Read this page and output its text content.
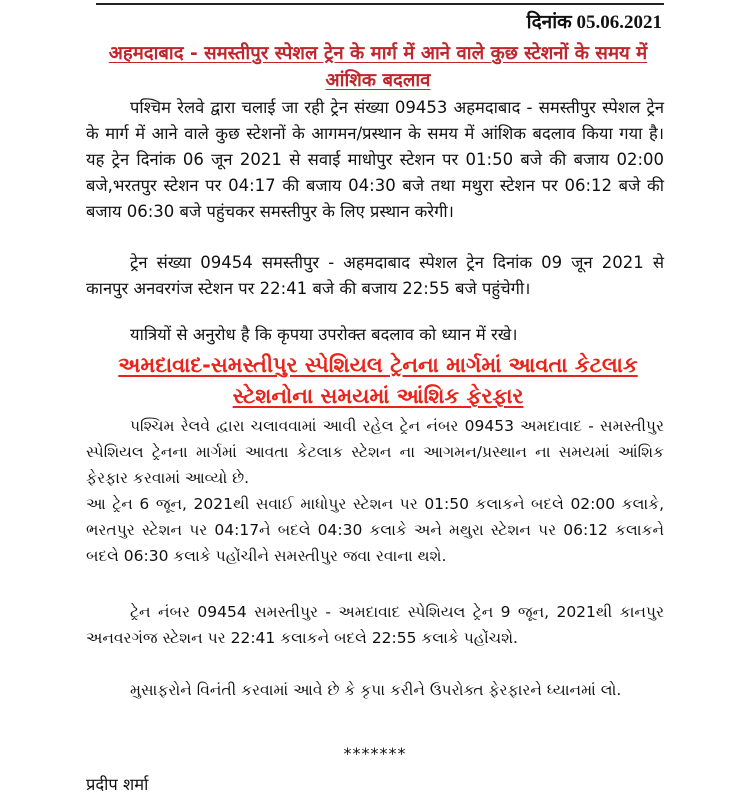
दिनांक 05.06.2021
अहमदाबाद - समस्तीपुर स्पेशल ट्रेन के मार्ग में आने वाले कुछ स्टेशनों के समय में आंशिक बदलाव
पश्चिम रेलवे द्वारा चलाई जा रही ट्रेन संख्या 09453 अहमदाबाद - समस्तीपुर स्पेशल ट्रेन के मार्ग में आने वाले कुछ स्टेशनों के आगमन/प्रस्थान के समय में आंशिक बदलाव किया गया है। यह ट्रेन दिनांक 06 जून 2021 से सवाई माधोपुर स्टेशन पर 01:50 बजे की बजाय 02:00 बजे,भरतपुर स्टेशन पर 04:17 की बजाय 04:30 बजे तथा मथुरा स्टेशन पर 06:12 बजे की बजाय 06:30 बजे पहुंचकर समस्तीपुर के लिए प्रस्थान करेगी।
ट्रेन संख्या 09454 समस्तीपुर - अहमदाबाद स्पेशल ट्रेन दिनांक 09 जून 2021 से कानपुर अनवरगंज स्टेशन पर 22:41 बजे की बजाय 22:55 बजे पहुंचेगी।
यात्रियों से अनुरोध है कि कृपया उपरोक्त बदलाव को ध्यान में रखे।
અમદાવાદ-સમસ્તીપુર સ્પેશિયલ ટ્રેનના માર્ગમાં આવતા કેટલાક સ્ટેશનોના સમયમાં આંશિક ફેરફાર
પશ્ચિમ રેલવે દ્વારા ચલાવવામાં આવી રહેલ ટ્રેન નંબર 09453 અમદાવાદ - સમસ્તીપુર સ્પેશિયલ ટ્રેનના માર્ગમાં આવતા કેટલાક સ્ટેશન ના આગમન/પ્રસ્થાન ના સમયમાં આંશિક ફેરફાર કરવામાં આવ્યો છે.
આ ટ્રેન 6 જૂન, 2021થી સવાઈ માધોપુર સ્ટેશન પર 01:50 કલાકને બદલે 02:00 કલાકે, ભરતપુર સ્ટેશન પર 04:17ને બદલે 04:30 કલાકે અને મથુરા સ્ટેશન પર 06:12 કલાકને બદલે 06:30 કલાકે પહોંચીને સમસ્તીપુર જવા રવાના થશે.
ટ્રેન નંબર 09454 સમસ્તીપુર - અમદાવાદ સ્પેશિયલ ટ્રેન 9 જૂન, 2021થી કાનપુર અનવરગંજ સ્ટેશન પર 22:41 કલાકને બદલે 22:55 કલાકે પહોંચશે.
મુસાફરોને વિનંતી કરવામાં આવે છે કે કૃપા કરીને ઉપરોક્ત ફેરફારને ધ્યાનમાં લો.
*******
प्रदीप शर्मा
